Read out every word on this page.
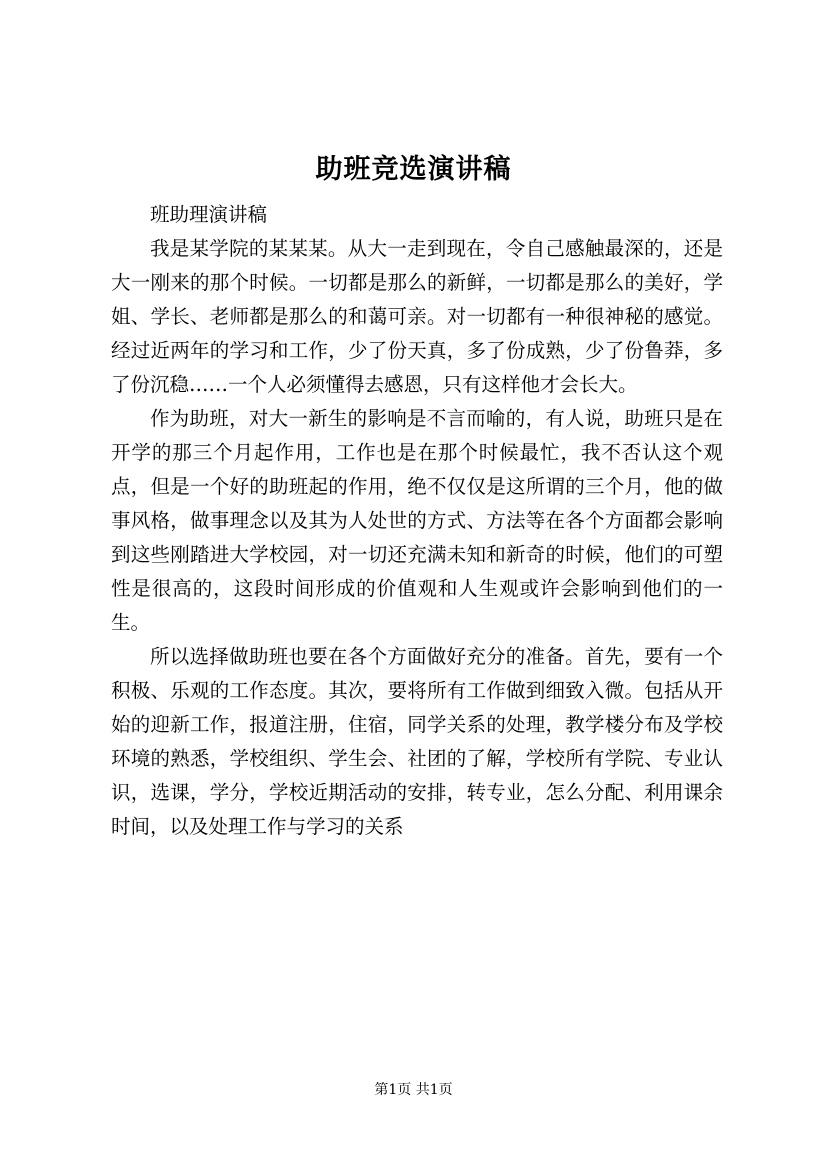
助班竞选演讲稿

班助理演讲稿

我是某学院的某某某。从大一走到现在，令自己感触最深的，还是大一刚来的那个时候。一切都是那么的新鲜，一切都是那么的美好，学姐、学长、老师都是那么的和蔼可亲。对一切都有一种很神秘的感觉。经过近两年的学习和工作，少了份天真，多了份成熟，少了份鲁莽，多了份沉稳……一个人必须懂得去感恩，只有这样他才会长大。

作为助班，对大一新生的影响是不言而喻的，有人说，助班只是在开学的那三个月起作用，工作也是在那个时候最忙，我不否认这个观点，但是一个好的助班起的作用，绝不仅仅是这所谓的三个月，他的做事风格，做事理念以及其为人处世的方式、方法等在各个方面都会影响到这些刚踏进大学校园，对一切还充满未知和新奇的时候，他们的可塑性是很高的，这段时间形成的价值观和人生观或许会影响到他们的一生。

所以选择做助班也要在各个方面做好充分的准备。首先，要有一个积极、乐观的工作态度。其次，要将所有工作做到细致入微。包括从开始的迎新工作，报道注册，住宿，同学关系的处理，教学楼分布及学校环境的熟悉，学校组织、学生会、社团的了解，学校所有学院、专业认识，选课，学分，学校近期活动的安排，转专业，怎么分配、利用课余时间，以及处理工作与学习的关系

第1页 共1页
